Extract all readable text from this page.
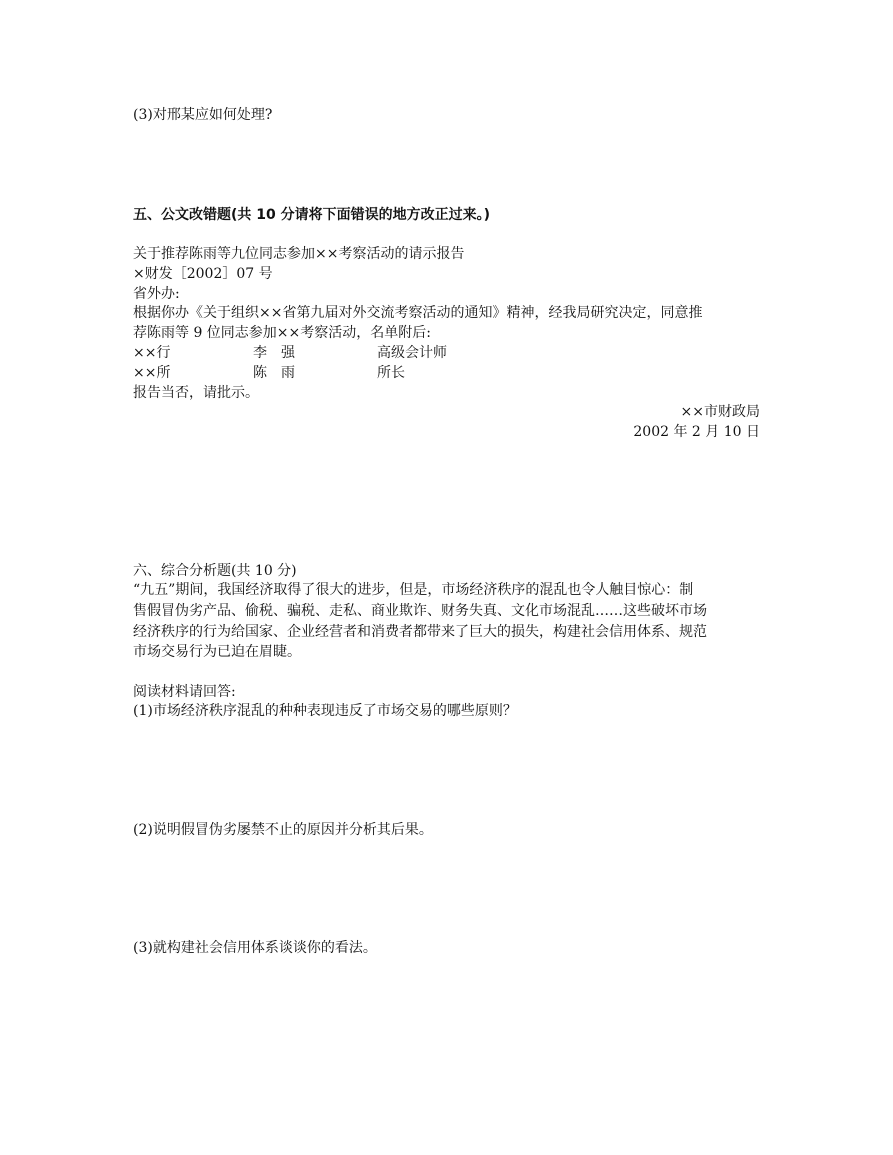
(3)对邢某应如何处理?
五、公文改错题(共 10 分请将下面错误的地方改正过来。)
关于推荐陈雨等九位同志参加××考察活动的请示报告
×财发［2002］07 号
省外办:
根据你办《关于组织××省第九届对外交流考察活动的通知》精神，经我局研究决定，同意推
荐陈雨等 9 位同志参加××考察活动，名单附后:
××行	李　强	高级会计师
××所	陈　雨	所长
报告当否，请批示。
××市财政局
2002 年 2 月 10 日
六、综合分析题(共 10 分)
“九五”期间，我国经济取得了很大的进步，但是，市场经济秩序的混乱也令人触目惊心：制
售假冒伪劣产品、偷税、骗税、走私、商业欺诈、财务失真、文化市场混乱……这些破坏市场
经济秩序的行为给国家、企业经营者和消费者都带来了巨大的损失，构建社会信用体系、规范
市场交易行为已迫在眉睫。
阅读材料请回答:
(1)市场经济秩序混乱的种种表现违反了市场交易的哪些原则？
(2)说明假冒伪劣屡禁不止的原因并分析其后果。
(3)就构建社会信用体系谈谈你的看法。
